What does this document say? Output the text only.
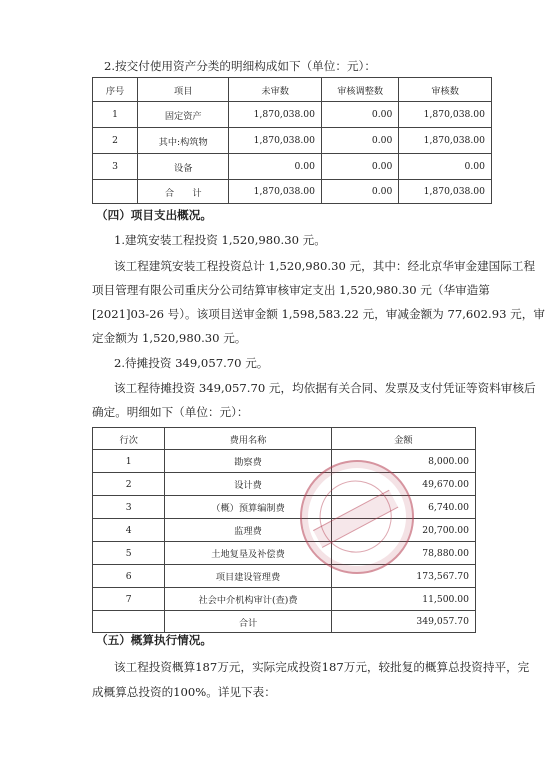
2.按交付使用资产分类的明细构成如下（单位：元）：
序号	项目	未审数	审核调整数	审核数
1	固定资产	1,870,038.00	0.00	1,870,038.00
2	其中:构筑物	1,870,038.00	0.00	1,870,038.00
3	设备	0.00	0.00	0.00
	合　　计	1,870,038.00	0.00	1,870,038.00
（四）项目支出概况。
1.建筑安装工程投资 1,520,980.30 元。
该工程建筑安装工程投资总计 1,520,980.30 元，其中：经北京华审金建国际工程
项目管理有限公司重庆分公司结算审核审定支出 1,520,980.30 元（华审造第
[2021]03-26 号）。该项目送审金额 1,598,583.22 元，审减金额为 77,602.93 元，审
定金额为 1,520,980.30 元。
2.待摊投资 349,057.70 元。
该工程待摊投资 349,057.70 元，均依据有关合同、发票及支付凭证等资料审核后
确定。明细如下（单位：元）：
行次	费用名称	金额
1	勘察费	8,000.00
2	设计费	49,670.00
3	（概）预算编制费	6,740.00
4	监理费	20,700.00
5	土地复垦及补偿费	78,880.00
6	项目建设管理费	173,567.70
7	社会中介机构审计(查)费	11,500.00
	合计	349,057.70
（五）概算执行情况。
该工程投资概算187万元，实际完成投资187万元，较批复的概算总投资持平，完
成概算总投资的100%。详见下表：
